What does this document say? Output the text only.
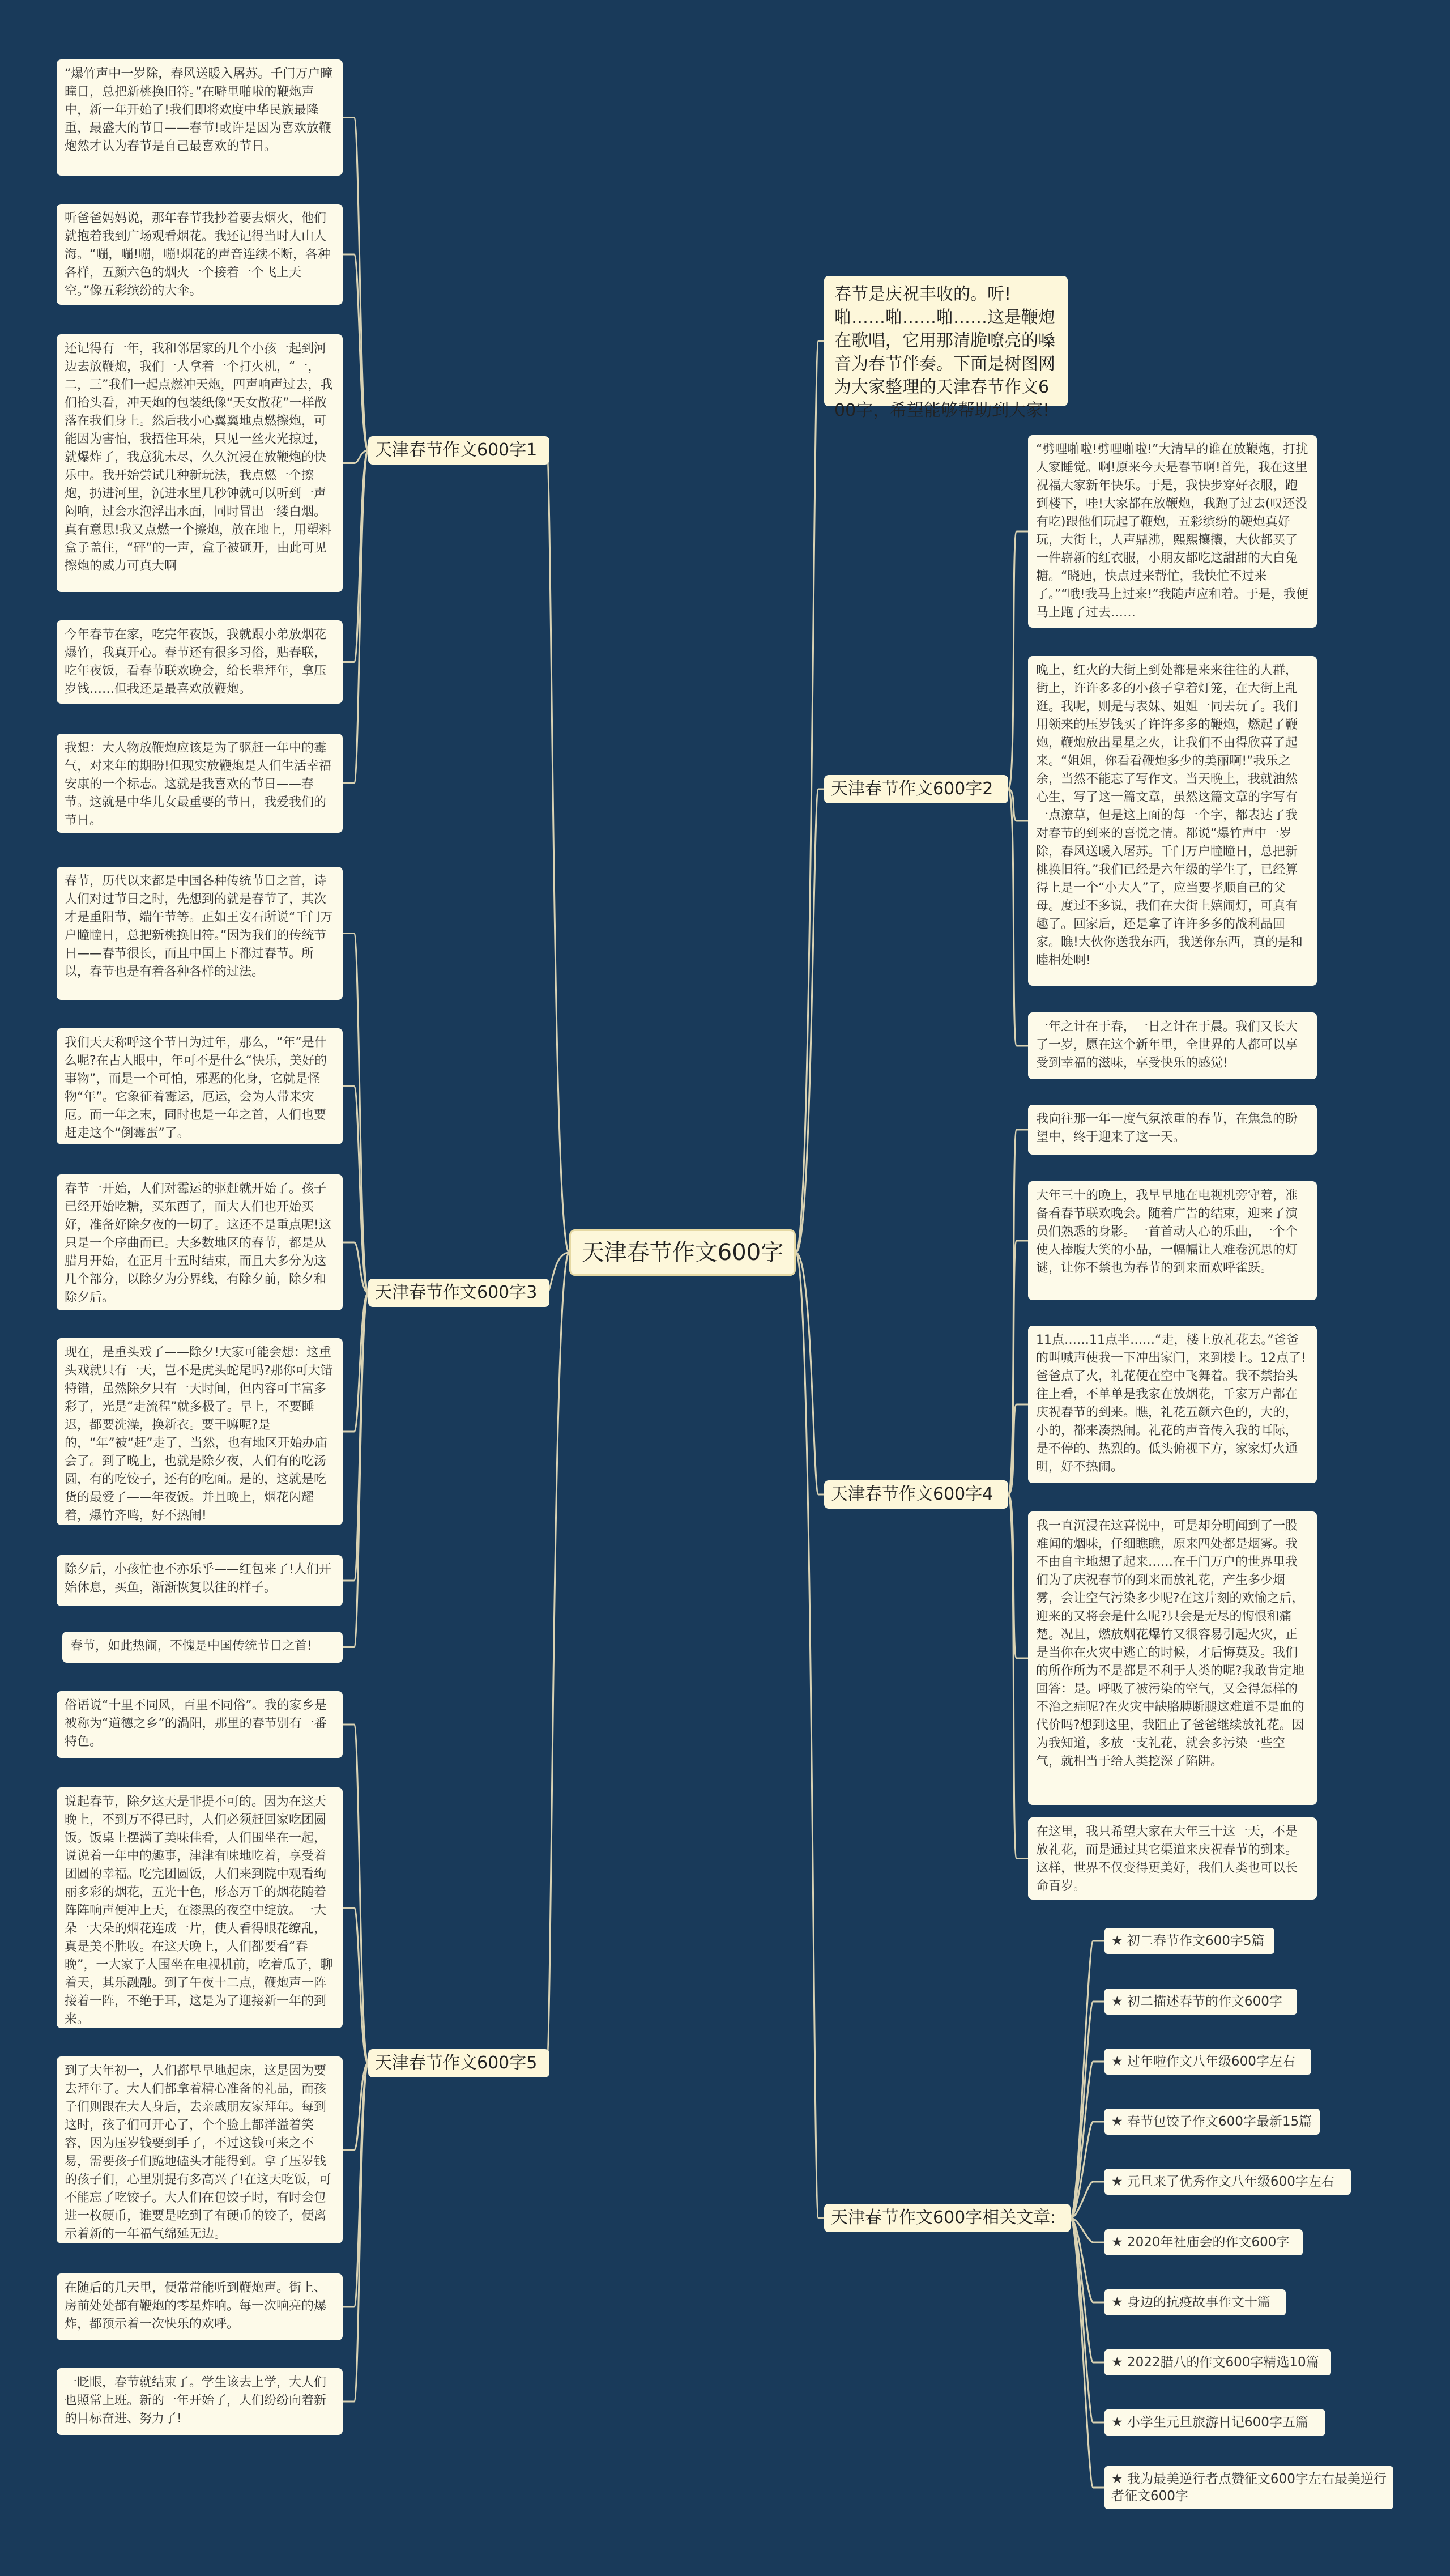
天津春节作文600字
春节是庆祝丰收的。听!啪……啪……啪……这是鞭炮在歌唱，它用那清脆嘹亮的嗓音为春节伴奏。下面是树图网为大家整理的天津春节作文600字，希望能够帮助到大家!
天津春节作文600字1
天津春节作文600字2
天津春节作文600字3
天津春节作文600字4
天津春节作文600字5
天津春节作文600字相关文章:
“爆竹声中一岁除，春风送暖入屠苏。千门万户曈曈日，总把新桃换旧符。”在噼里啪啦的鞭炮声中，新一年开始了!我们即将欢度中华民族最隆重，最盛大的节日——春节!或许是因为喜欢放鞭炮然才认为春节是自己最喜欢的节日。
听爸爸妈妈说，那年春节我抄着要去烟火，他们就抱着我到广场观看烟花。我还记得当时人山人海。“嘣，嘣!嘣，嘣!烟花的声音连续不断，各种各样，五颜六色的烟火一个接着一个飞上天空。”像五彩缤纷的大伞。
还记得有一年，我和邻居家的几个小孩一起到河边去放鞭炮，我们一人拿着一个打火机，“一，二，三”我们一起点燃冲天炮，四声响声过去，我们抬头看，冲天炮的包装纸像“天女散花”一样散落在我们身上。然后我小心翼翼地点燃擦炮，可能因为害怕，我捂住耳朵，只见一丝火光掠过，就爆炸了，我意犹未尽，久久沉浸在放鞭炮的快乐中。我开始尝试几种新玩法，我点燃一个擦炮，扔进河里，沉进水里几秒钟就可以听到一声闷响，过会水泡浮出水面，同时冒出一缕白烟。真有意思!我又点燃一个擦炮，放在地上，用塑料盒子盖住，“砰”的一声，盒子被砸开，由此可见擦炮的威力可真大啊
今年春节在家，吃完年夜饭，我就跟小弟放烟花爆竹，我真开心。春节还有很多习俗，贴春联，吃年夜饭，看春节联欢晚会，给长辈拜年，拿压岁钱……但我还是最喜欢放鞭炮。
我想：大人物放鞭炮应该是为了驱赶一年中的霉气，对来年的期盼!但现实放鞭炮是人们生活幸福安康的一个标志。这就是我喜欢的节日——春节。这就是中华儿女最重要的节日，我爱我们的节日。
“劈哩啪啦!劈哩啪啦!”大清早的谁在放鞭炮，打扰人家睡觉。啊!原来今天是春节啊!首先，我在这里祝福大家新年快乐。于是，我快步穿好衣服，跑到楼下，哇!大家都在放鞭炮，我跑了过去(叹还没有吃)跟他们玩起了鞭炮，五彩缤纷的鞭炮真好玩，大街上，人声鼎沸，熙熙攘攘，大伙都买了一件崭新的红衣服，小朋友都吃这甜甜的大白兔糖。“晓迪，快点过来帮忙，我快忙不过来了。”“哦!我马上过来!”我随声应和着。于是，我便马上跑了过去……
晚上，红火的大街上到处都是来来往往的人群，街上，许许多多的小孩子拿着灯笼，在大街上乱逛。我呢，则是与表妹、姐姐一同去玩了。我们用领来的压岁钱买了许许多多的鞭炮，燃起了鞭炮，鞭炮放出星星之火，让我们不由得欣喜了起来。“姐姐，你看看鞭炮多少的美丽啊!”我乐之余，当然不能忘了写作文。当天晚上，我就油然心生，写了这一篇文章，虽然这篇文章的字写有一点潦草，但是这上面的每一个字，都表达了我对春节的到来的喜悦之情。都说“爆竹声中一岁除，春风送暖入屠苏。千门万户瞳瞳日，总把新桃换旧符。”我们已经是六年级的学生了，已经算得上是一个“小大人”了，应当要孝顺自己的父母。度过不多说，我们在大街上嬉闹灯，可真有趣了。回家后，还是拿了许许多多的战利品回家。瞧!大伙你送我东西，我送你东西，真的是和睦相处啊!
一年之计在于春，一日之计在于晨。我们又长大了一岁，愿在这个新年里，全世界的人都可以享受到幸福的滋味，享受快乐的感觉!
春节，历代以来都是中国各种传统节日之首，诗人们对过节日之时，先想到的就是春节了，其次才是重阳节，端午节等。正如王安石所说“千门万户瞳瞳日，总把新桃换旧符。”因为我们的传统节日——春节很长，而且中国上下都过春节。所以，春节也是有着各种各样的过法。
我们天天称呼这个节日为过年，那么，“年”是什么呢?在古人眼中，年可不是什么“快乐，美好的事物”，而是一个可怕，邪恶的化身，它就是怪物“年”。它象征着霉运，厄运，会为人带来灾厄。而一年之末，同时也是一年之首，人们也要赶走这个“倒霉蛋”了。
春节一开始，人们对霉运的驱赶就开始了。孩子已经开始吃糖，买东西了，而大人们也开始买好，准备好除夕夜的一切了。这还不是重点呢!这只是一个序曲而已。大多数地区的春节，都是从腊月开始，在正月十五时结束，而且大多分为这几个部分，以除夕为分界线，有除夕前，除夕和除夕后。
现在，是重头戏了——除夕!大家可能会想：这重头戏就只有一天，岂不是虎头蛇尾吗?那你可大错特错，虽然除夕只有一天时间，但内容可丰富多彩了，光是“走流程”就多极了。早上，不要睡迟，都要洗澡，换新衣。要干嘛呢?是的，“年”被“赶”走了，当然，也有地区开始办庙会了。到了晚上，也就是除夕夜，人们有的吃汤圆，有的吃饺子，还有的吃面。是的，这就是吃货的最爱了——年夜饭。并且晚上，烟花闪耀着，爆竹齐鸣，好不热闹!
除夕后，小孩忙也不亦乐乎——红包来了!人们开始休息，买鱼，渐渐恢复以往的样子。
春节，如此热闹，不愧是中国传统节日之首!
我向往那一年一度气氛浓重的春节，在焦急的盼望中，终于迎来了这一天。
大年三十的晚上，我早早地在电视机旁守着，准备看春节联欢晚会。随着广告的结束，迎来了演员们熟悉的身影。一首首动人心的乐曲，一个个使人捧腹大笑的小品，一幅幅让人难卷沉思的灯谜，让你不禁也为春节的到来而欢呼雀跃。
11点……11点半……“走，楼上放礼花去。”爸爸的叫喊声使我一下冲出家门，来到楼上。12点了!爸爸点了火，礼花便在空中飞舞着。我不禁抬头往上看，不单单是我家在放烟花，千家万户都在庆祝春节的到来。瞧，礼花五颜六色的，大的，小的，都来凑热闹。礼花的声音传入我的耳际，是不停的、热烈的。低头俯视下方，家家灯火通明，好不热闹。
我一直沉浸在这喜悦中，可是却分明闻到了一股难闻的烟味，仔细瞧瞧，原来四处都是烟雾。我不由自主地想了起来……在千门万户的世界里我们为了庆祝春节的到来而放礼花，产生多少烟雾，会让空气污染多少呢?在这片刻的欢愉之后，迎来的又将会是什么呢?只会是无尽的悔恨和痛楚。况且，燃放烟花爆竹又很容易引起火灾，正是当你在火灾中逃亡的时候，才后悔莫及。我们的所作所为不是都是不利于人类的呢?我敢肯定地回答：是。呼吸了被污染的空气，又会得怎样的不治之症呢?在火灾中缺胳膊断腿这难道不是血的代价吗?想到这里，我阻止了爸爸继续放礼花。因为我知道，多放一支礼花，就会多污染一些空气，就相当于给人类挖深了陷阱。
在这里，我只希望大家在大年三十这一天，不是放礼花，而是通过其它渠道来庆祝春节的到来。这样，世界不仅变得更美好，我们人类也可以长命百岁。
俗语说“十里不同风，百里不同俗”。我的家乡是被称为“道德之乡”的渦阳，那里的春节别有一番特色。
说起春节，除夕这天是非提不可的。因为在这天晚上，不到万不得已时，人们必须赶回家吃团圆饭。饭桌上摆满了美味佳肴，人们围坐在一起，说说着一年中的趣事，津津有味地吃着，享受着团圆的幸福。吃完团圆饭，人们来到院中观看绚丽多彩的烟花，五光十色，形态万千的烟花随着阵阵响声便冲上天，在漆黑的夜空中绽放。一大朵一大朵的烟花连成一片，使人看得眼花缭乱，真是美不胜收。在这天晚上，人们都要看“春晚”，一大家子人围坐在电视机前，吃着瓜子，聊着天，其乐融融。到了午夜十二点，鞭炮声一阵接着一阵，不绝于耳，这是为了迎接新一年的到来。
到了大年初一，人们都早早地起床，这是因为要去拜年了。大人们都拿着精心准备的礼品，而孩子们则跟在大人身后，去亲戚朋友家拜年。每到这时，孩子们可开心了，个个脸上都洋溢着笑容，因为压岁钱要到手了，不过这钱可来之不易，需要孩子们跪地磕头才能得到。拿了压岁钱的孩子们，心里别提有多高兴了!在这天吃饭，可不能忘了吃饺子。大人们在包饺子时，有时会包进一枚硬币，谁要是吃到了有硬币的饺子，便离示着新的一年福气绵延无边。
在随后的几天里，便常常能听到鞭炮声。街上、房前处处都有鞭炮的零星炸响。每一次响亮的爆炸，都预示着一次快乐的欢呼。
一眨眼，春节就结束了。学生该去上学，大人们也照常上班。新的一年开始了，人们纷纷向着新的目标奋进、努力了!
★ 初二春节作文600字5篇
★ 初二描述春节的作文600字
★ 过年啦作文八年级600字左右
★ 春节包饺子作文600字最新15篇
★ 元旦来了优秀作文八年级600字左右
★ 2020年社庙会的作文600字
★ 身边的抗疫故事作文十篇
★ 2022腊八的作文600字精选10篇
★ 小学生元旦旅游日记600字五篇
★ 我为最美逆行者点赞征文600字左右最美逆行者征文600字
